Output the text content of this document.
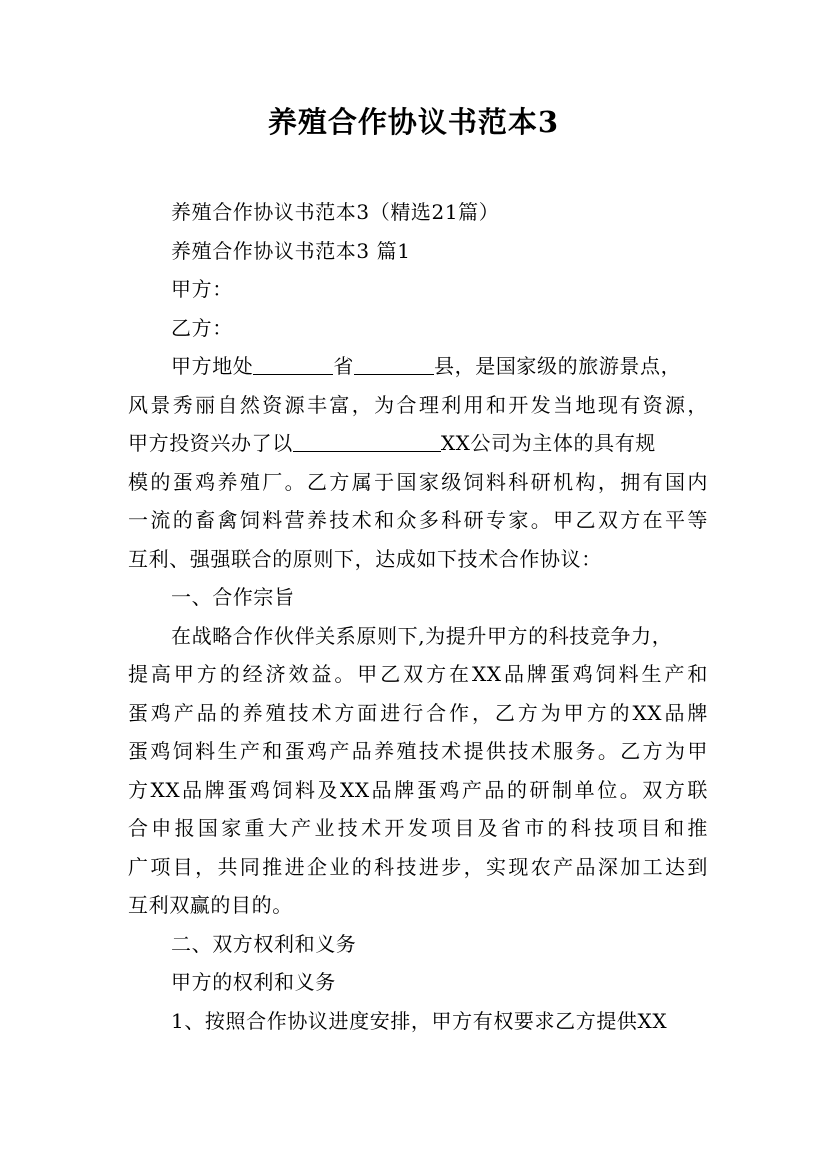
养殖合作协议书范本3
养殖合作协议书范本3（精选21篇）
养殖合作协议书范本3 篇1
甲方：
乙方：
甲方地处	省	县，是国家级的旅游景点，
风景秀丽自然资源丰富，为合理利用和开发当地现有资源，
甲方投资兴办了以	XX公司为主体的具有规
模的蛋鸡养殖厂。乙方属于国家级饲料科研机构，拥有国内
一流的畜禽饲料营养技术和众多科研专家。甲乙双方在平等
互利、强强联合的原则下，达成如下技术合作协议：
一、合作宗旨
在战略合作伙伴关系原则下,为提升甲方的科技竞争力，
提高甲方的经济效益。甲乙双方在XX品牌蛋鸡饲料生产和
蛋鸡产品的养殖技术方面进行合作，乙方为甲方的XX品牌
蛋鸡饲料生产和蛋鸡产品养殖技术提供技术服务。乙方为甲
方XX品牌蛋鸡饲料及XX品牌蛋鸡产品的研制单位。双方联
合申报国家重大产业技术开发项目及省市的科技项目和推
广项目，共同推进企业的科技进步，实现农产品深加工达到
互利双赢的目的。
二、双方权利和义务
甲方的权利和义务
1、按照合作协议进度安排，甲方有权要求乙方提供XX
